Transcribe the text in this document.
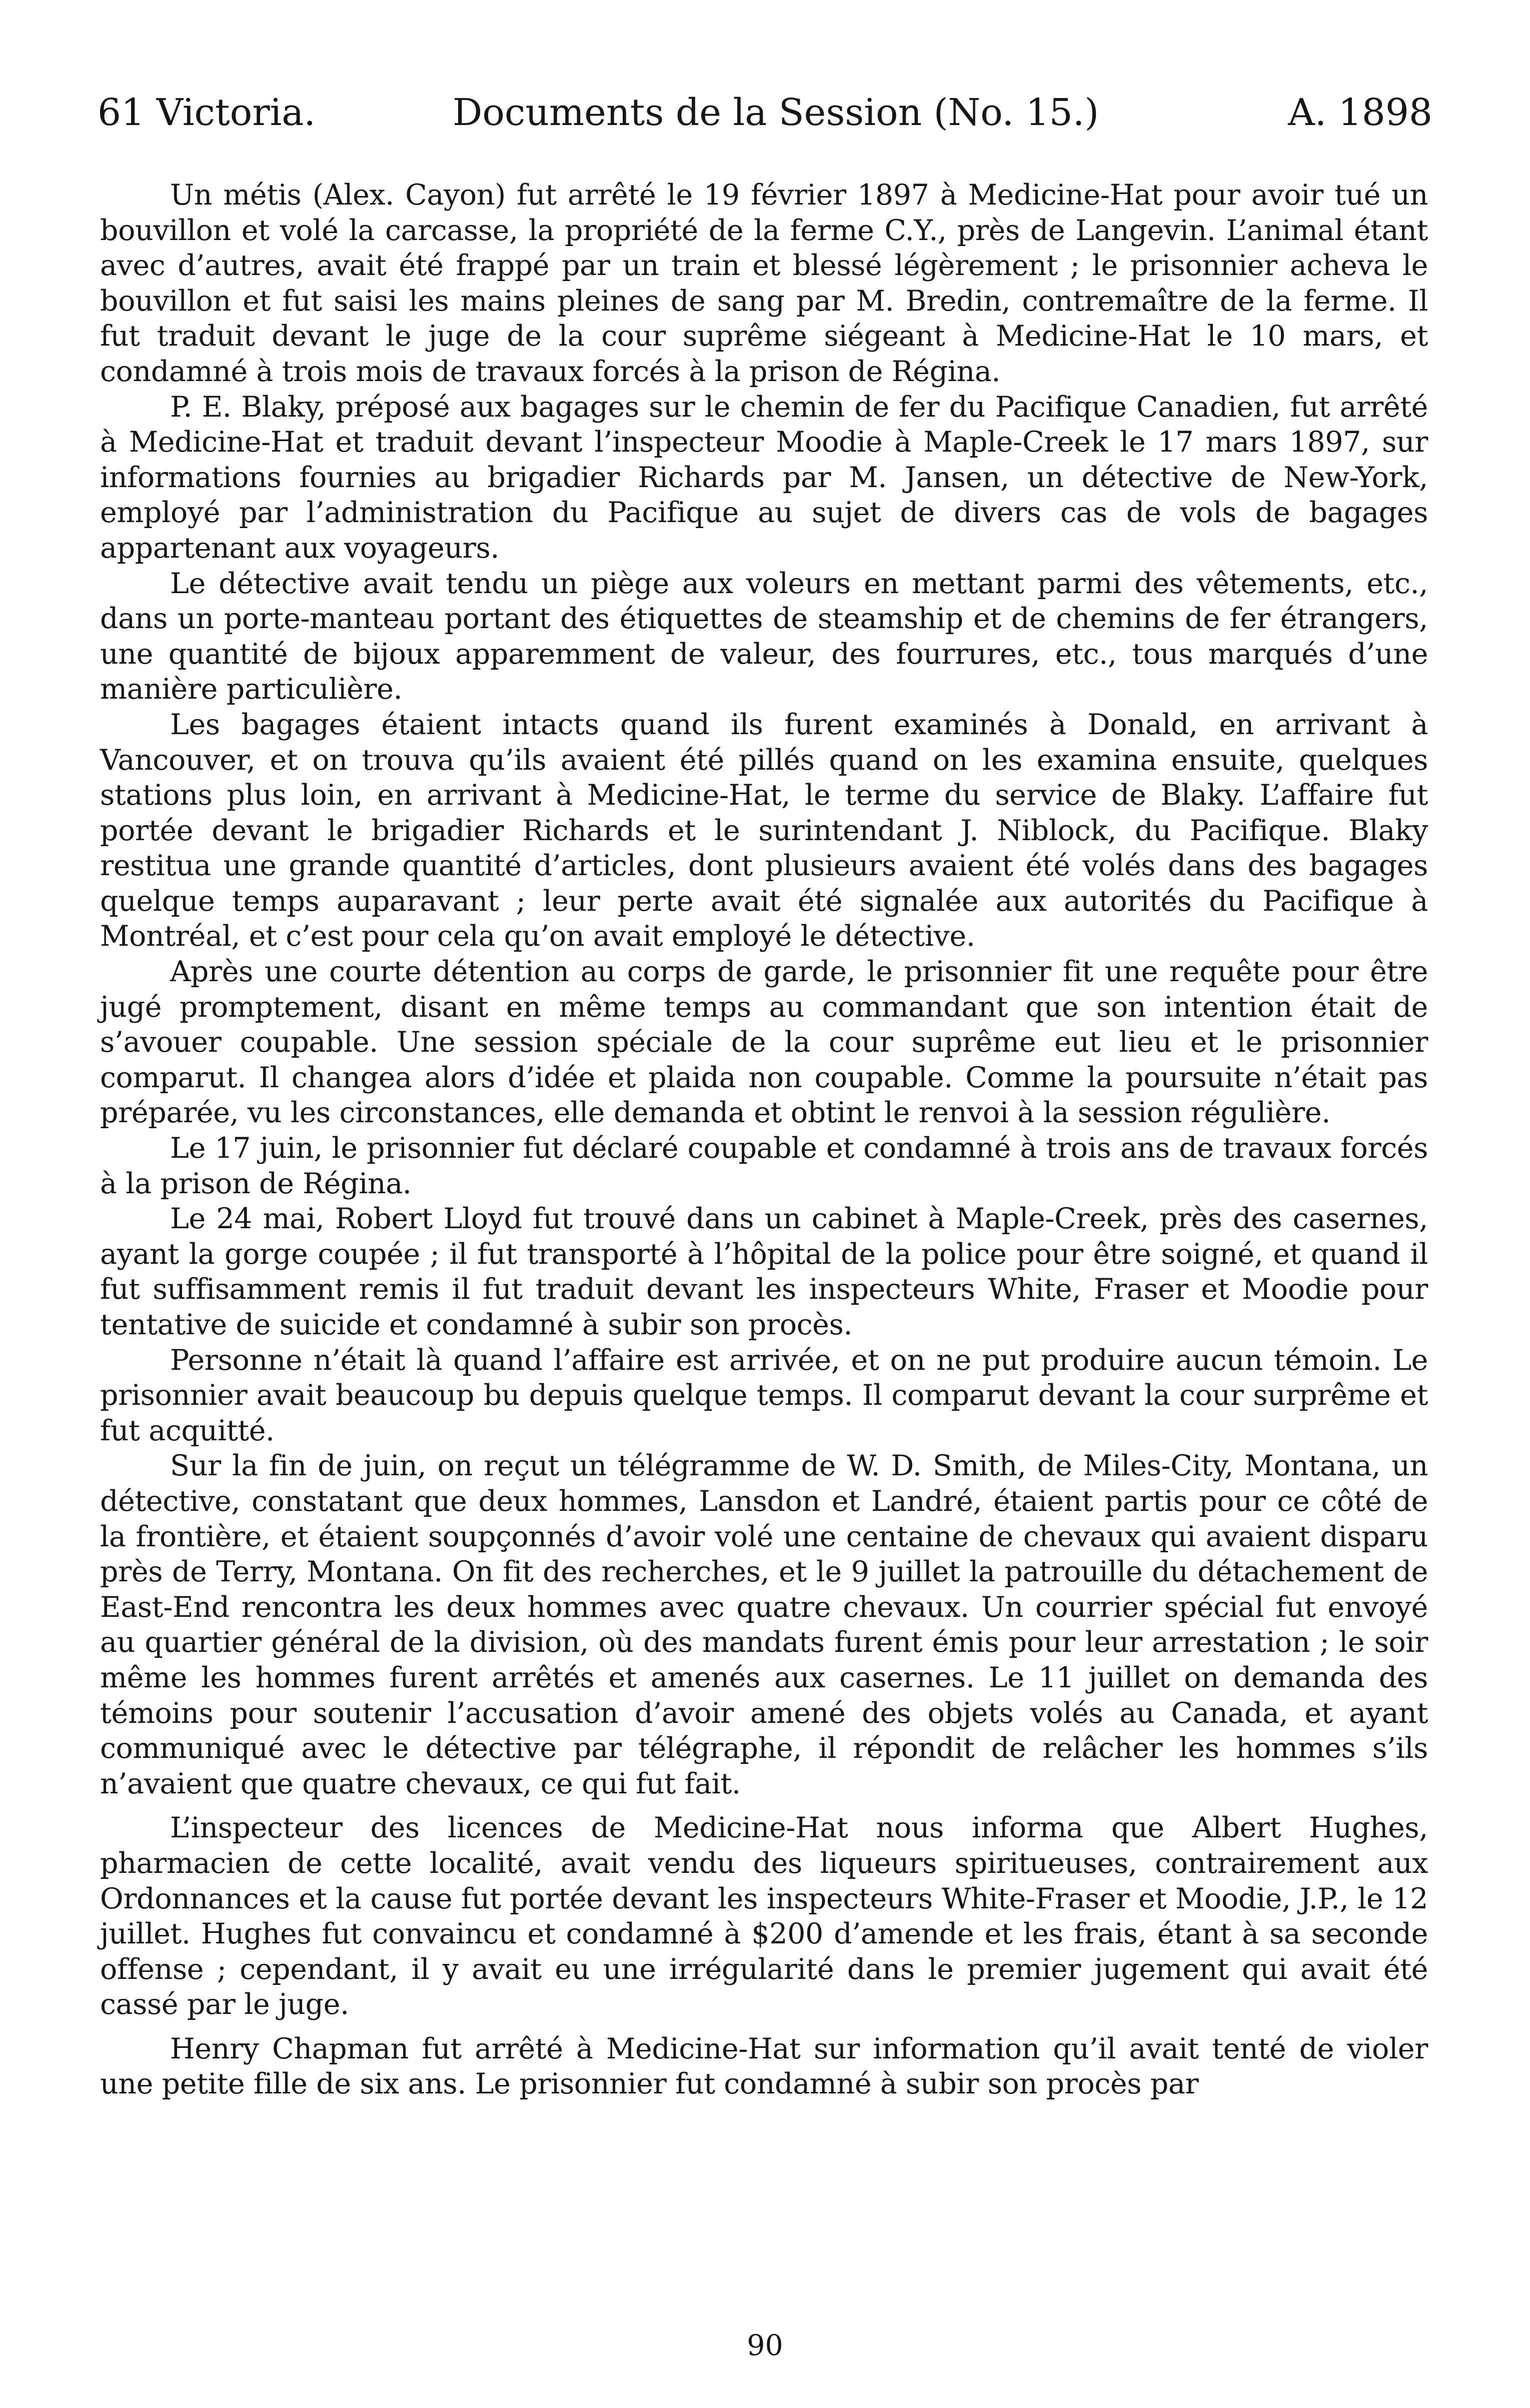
61 Victoria.	Documents de la Session (No. 15.)	A. 1898

Un métis (Alex. Cayon) fut arrêté le 19 février 1897 à Medicine-Hat pour avoir tué un bouvillon et volé la carcasse, la propriété de la ferme C.Y., près de Langevin. L’animal étant avec d’autres, avait été frappé par un train et blessé légèrement ; le prisonnier acheva le bouvillon et fut saisi les mains pleines de sang par M. Bredin, contremaître de la ferme. Il fut traduit devant le juge de la cour suprême siégeant à Medicine-Hat le 10 mars, et condamné à trois mois de travaux forcés à la prison de Régina.

P. E. Blaky, préposé aux bagages sur le chemin de fer du Pacifique Canadien, fut arrêté à Medicine-Hat et traduit devant l’inspecteur Moodie à Maple-Creek le 17 mars 1897, sur informations fournies au brigadier Richards par M. Jansen, un détective de New-York, employé par l’administration du Pacifique au sujet de divers cas de vols de bagages appartenant aux voyageurs.

Le détective avait tendu un piège aux voleurs en mettant parmi des vêtements, etc., dans un porte-manteau portant des étiquettes de steamship et de chemins de fer étrangers, une quantité de bijoux apparemment de valeur, des fourrures, etc., tous marqués d’une manière particulière.

Les bagages étaient intacts quand ils furent examinés à Donald, en arrivant à Vancouver, et on trouva qu’ils avaient été pillés quand on les examina ensuite, quelques stations plus loin, en arrivant à Medicine-Hat, le terme du service de Blaky. L’affaire fut portée devant le brigadier Richards et le surintendant J. Niblock, du Pacifique. Blaky restitua une grande quantité d’articles, dont plusieurs avaient été volés dans des bagages quelque temps auparavant ; leur perte avait été signalée aux autorités du Pacifique à Montréal, et c’est pour cela qu’on avait employé le détective.

Après une courte détention au corps de garde, le prisonnier fit une requête pour être jugé promptement, disant en même temps au commandant que son intention était de s’avouer coupable. Une session spéciale de la cour suprême eut lieu et le prisonnier comparut. Il changea alors d’idée et plaida non coupable. Comme la poursuite n’était pas préparée, vu les circonstances, elle demanda et obtint le renvoi à la session régulière.

Le 17 juin, le prisonnier fut déclaré coupable et condamné à trois ans de travaux forcés à la prison de Régina.

Le 24 mai, Robert Lloyd fut trouvé dans un cabinet à Maple-Creek, près des casernes, ayant la gorge coupée ; il fut transporté à l’hôpital de la police pour être soigné, et quand il fut suffisamment remis il fut traduit devant les inspecteurs White, Fraser et Moodie pour tentative de suicide et condamné à subir son procès.

Personne n’était là quand l’affaire est arrivée, et on ne put produire aucun témoin. Le prisonnier avait beaucoup bu depuis quelque temps. Il comparut devant la cour surprême et fut acquitté.

Sur la fin de juin, on reçut un télégramme de W. D. Smith, de Miles-City, Montana, un détective, constatant que deux hommes, Lansdon et Landré, étaient partis pour ce côté de la frontière, et étaient soupçonnés d’avoir volé une centaine de chevaux qui avaient disparu près de Terry, Montana. On fit des recherches, et le 9 juillet la patrouille du détachement de East-End rencontra les deux hommes avec quatre chevaux. Un courrier spécial fut envoyé au quartier général de la division, où des mandats furent émis pour leur arrestation ; le soir même les hommes furent arrêtés et amenés aux casernes. Le 11 juillet on demanda des témoins pour soutenir l’accusation d’avoir amené des objets volés au Canada, et ayant communiqué avec le détective par télégraphe, il répondit de relâcher les hommes s’ils n’avaient que quatre chevaux, ce qui fut fait.

L’inspecteur des licences de Medicine-Hat nous informa que Albert Hughes, pharmacien de cette localité, avait vendu des liqueurs spiritueuses, contrairement aux Ordonnances et la cause fut portée devant les inspecteurs White-Fraser et Moodie, J.P., le 12 juillet. Hughes fut convaincu et condamné à $200 d’amende et les frais, étant à sa seconde offense ; cependant, il y avait eu une irrégularité dans le premier jugement qui avait été cassé par le juge.

Henry Chapman fut arrêté à Medicine-Hat sur information qu’il avait tenté de violer une petite fille de six ans. Le prisonnier fut condamné à subir son procès par

90
